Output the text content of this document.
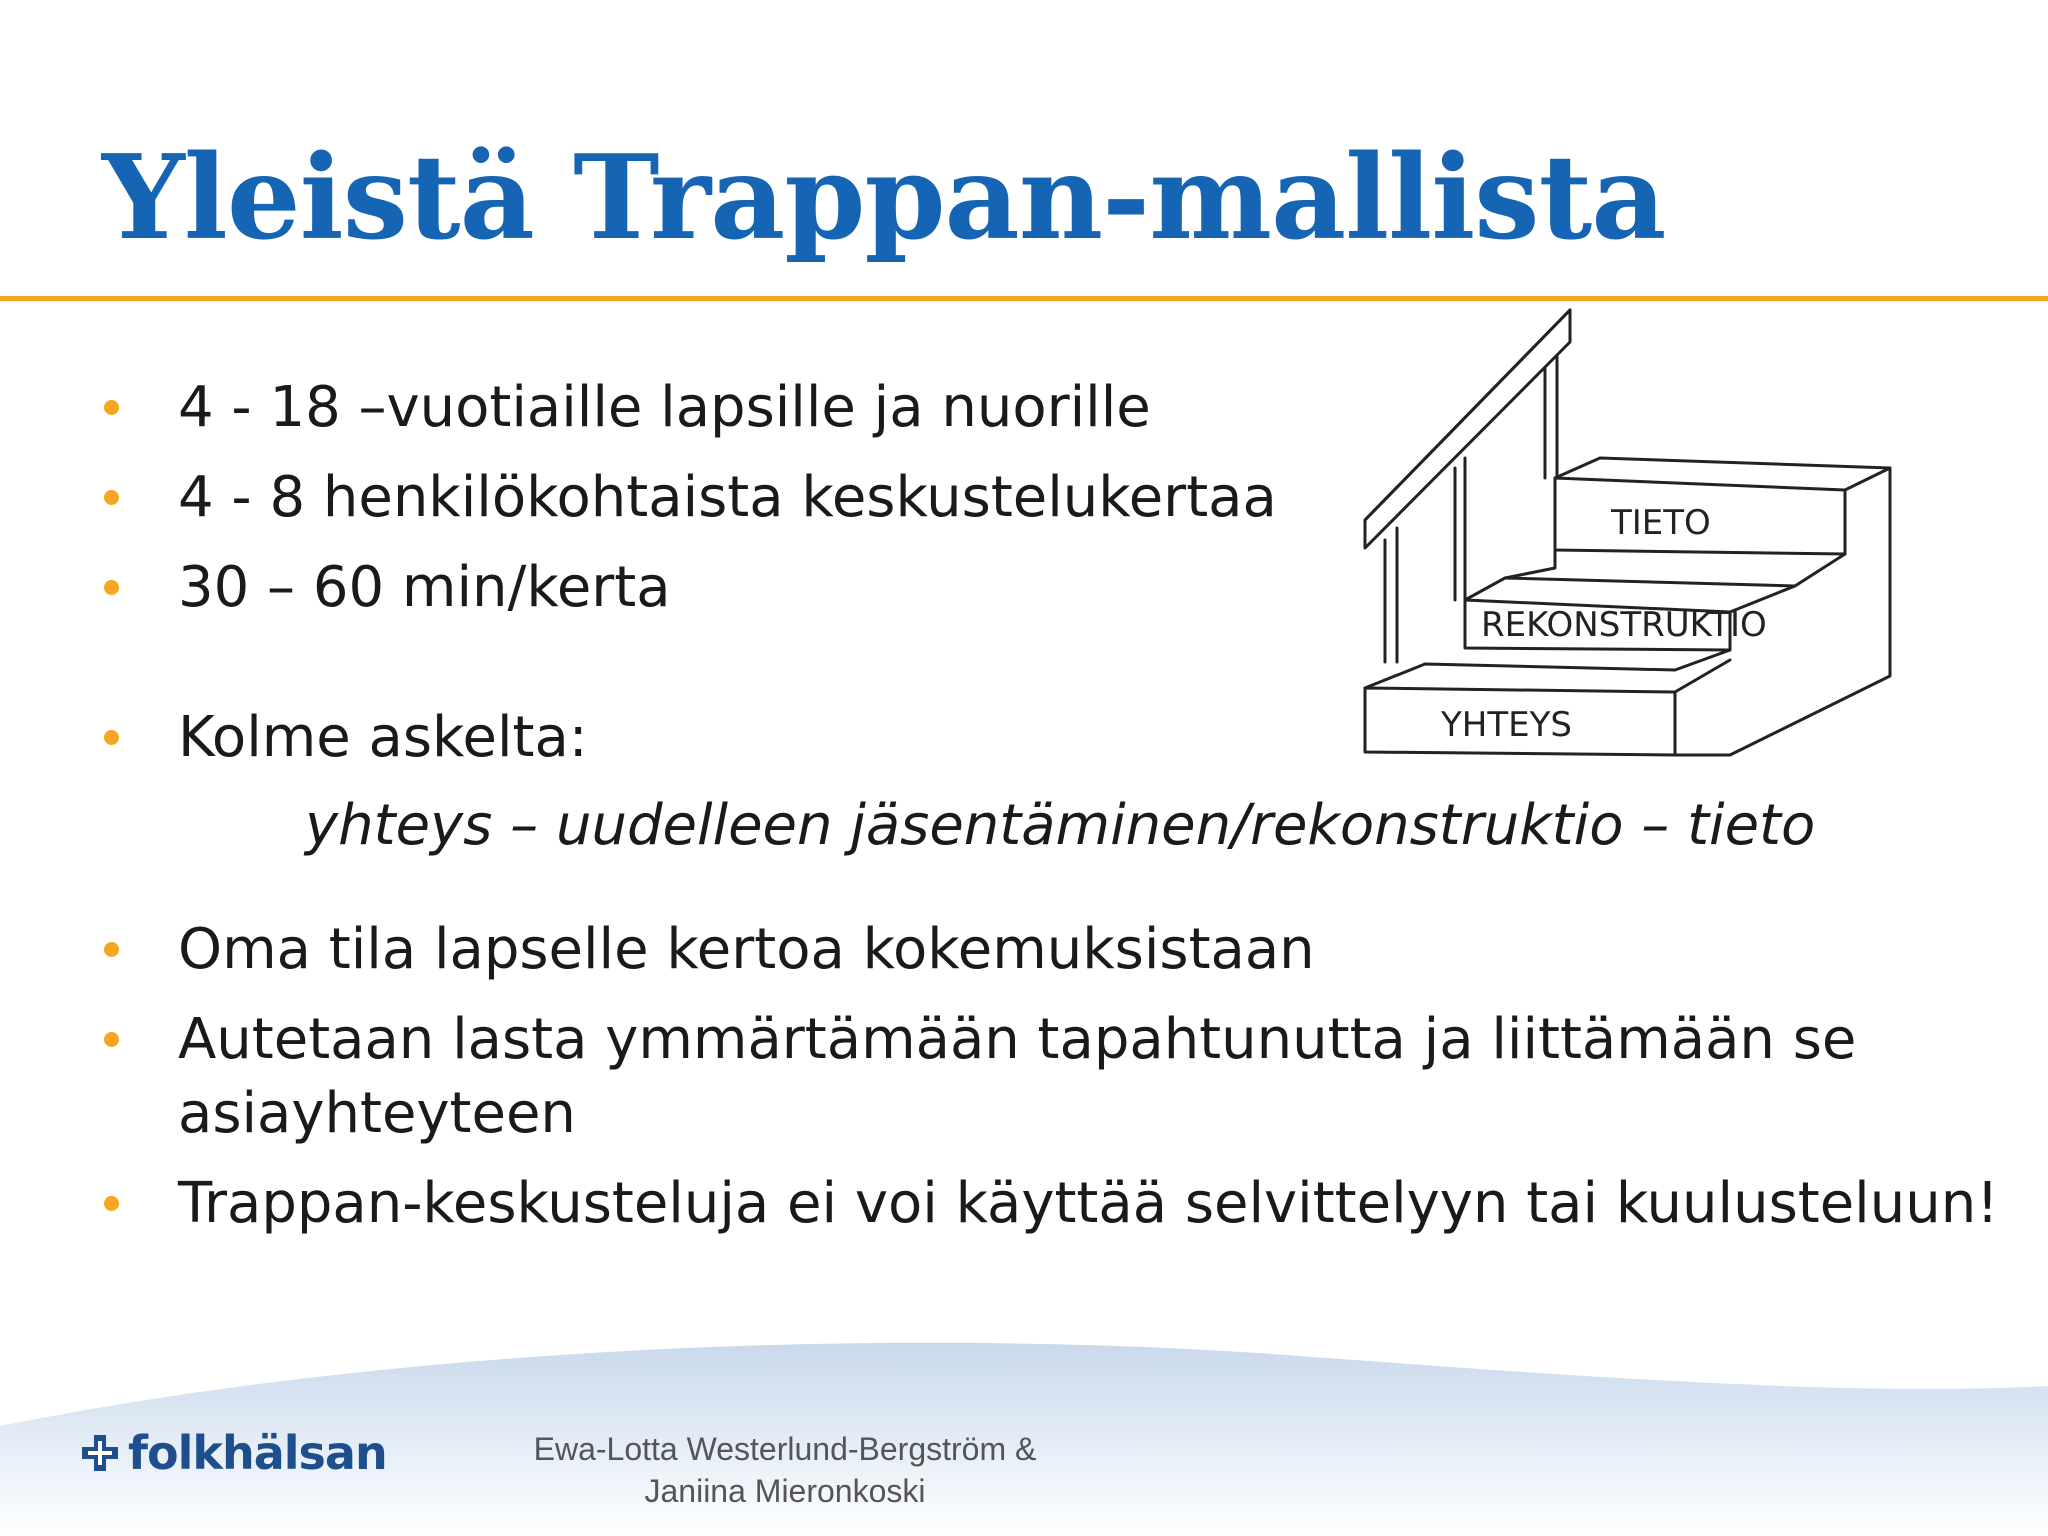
Yleistä Trappan-mallista
4 - 18 –vuotiaille lapsille ja nuorille
4 - 8 henkilökohtaista keskustelukertaa
30 – 60 min/kerta
Kolme askelta:
yhteys – uudelleen jäsentäminen/rekonstruktio – tieto
Oma tila lapselle kertoa kokemuksistaan
Autetaan lasta ymmärtämään tapahtunutta ja liittämään se
asiayhteyteen
Trappan-keskusteluja ei voi käyttää selvittelyyn tai kuulusteluun!
TIETO
REKONSTRUKTIO
YHTEYS
folkhälsan	Ewa-Lotta Westerlund-Bergström &
Janiina Mieronkoski
